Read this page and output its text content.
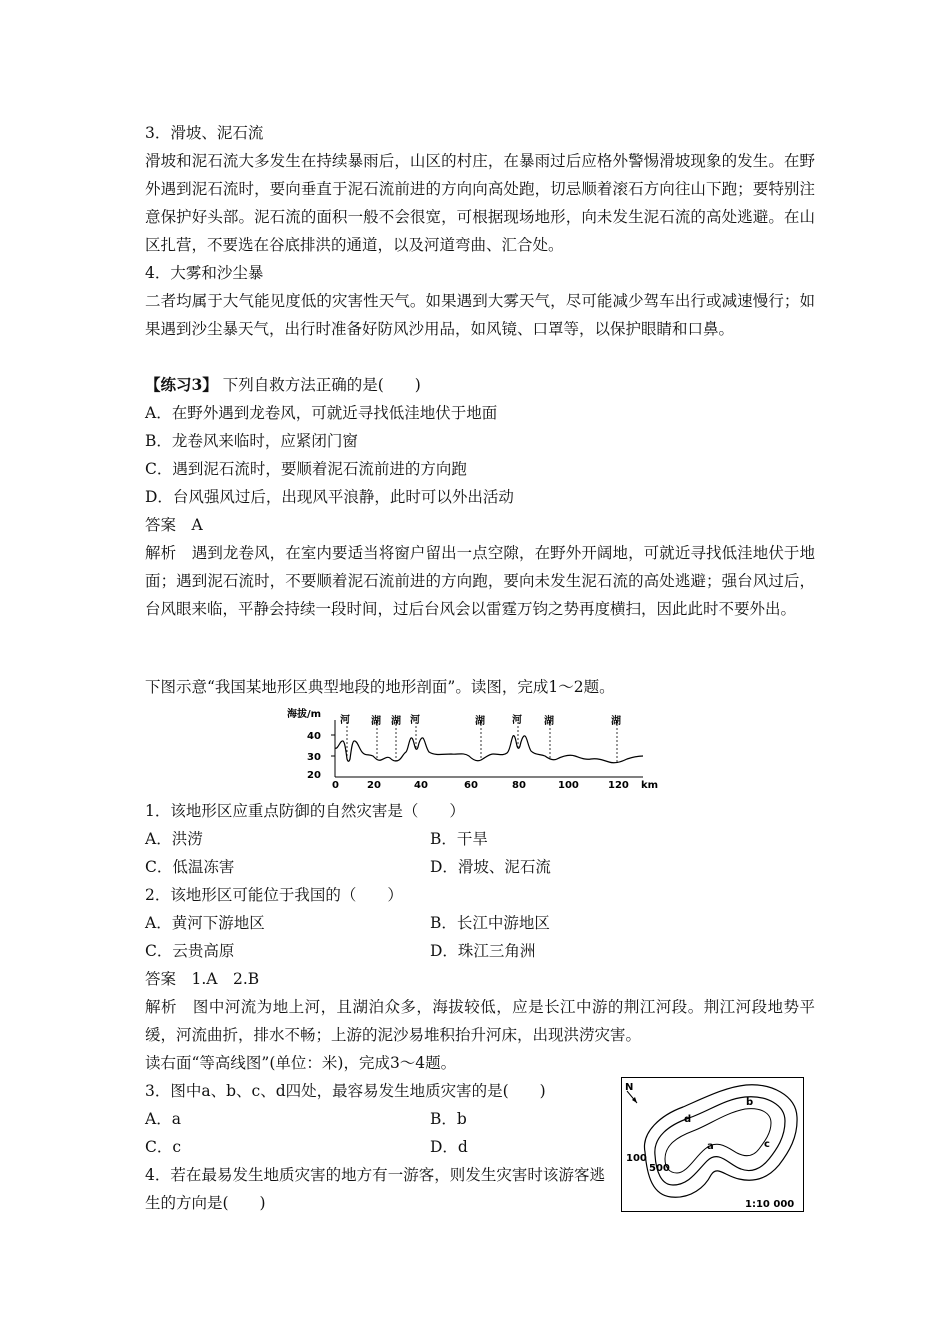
3．滑坡、泥石流

滑坡和泥石流大多发生在持续暴雨后，山区的村庄，在暴雨过后应格外警惕滑坡现象的发生。在野外遇到泥石流时，要向垂直于泥石流前进的方向向高处跑，切忌顺着滚石方向往山下跑；要特别注意保护好头部。泥石流的面积一般不会很宽，可根据现场地形，向未发生泥石流的高处逃避。在山区扎营，不要选在谷底排洪的通道，以及河道弯曲、汇合处。

4．大雾和沙尘暴

二者均属于大气能见度低的灾害性天气。如果遇到大雾天气，尽可能减少驾车出行或减速慢行；如果遇到沙尘暴天气，出行时准备好防风沙用品，如风镜、口罩等，以保护眼睛和口鼻。

【练习3】 下列自救方法正确的是(　　)

A．在野外遇到龙卷风，可就近寻找低洼地伏于地面

B．龙卷风来临时，应紧闭门窗

C．遇到泥石流时，要顺着泥石流前进的方向跑

D．台风强风过后，出现风平浪静，此时可以外出活动

答案　A

解析　遇到龙卷风，在室内要适当将窗户留出一点空隙，在野外开阔地，可就近寻找低洼地伏于地面；遇到泥石流时，不要顺着泥石流前进的方向跑，要向未发生泥石流的高处逃避；强台风过后，台风眼来临，平静会持续一段时间，过后台风会以雷霆万钧之势再度横扫，因此此时不要外出。

下图示意“我国某地形区典型地段的地形剖面”。读图，完成1～2题。

海拔/m
40
30
20
0	20	40	60	80	100	120 km
河 湖 湖 河	湖	河 湖	湖

1．该地形区应重点防御的自然灾害是（　　）

A．洪涝	B．干旱
C．低温冻害	D．滑坡、泥石流

2．该地形区可能位于我国的（　　）

A．黄河下游地区	B．长江中游地区
C．云贵高原	D．珠江三角洲

答案　1.A　2.B

解析　图中河流为地上河，且湖泊众多，海拔较低，应是长江中游的荆江河段。荆江河段地势平缓，河流曲折，排水不畅；上游的泥沙易堆积抬升河床，出现洪涝灾害。

读右面“等高线图”(单位：米)，完成3～4题。

3．图中a、b、c、d四处，最容易发生地质灾害的是(　　)

A．a	B．b
C．c	D．d

4．若在最易发生地质灾害的地方有一游客，则发生灾害时该游客逃生的方向是(　　)

N
a
b
c
d
100
500
1:10 000
